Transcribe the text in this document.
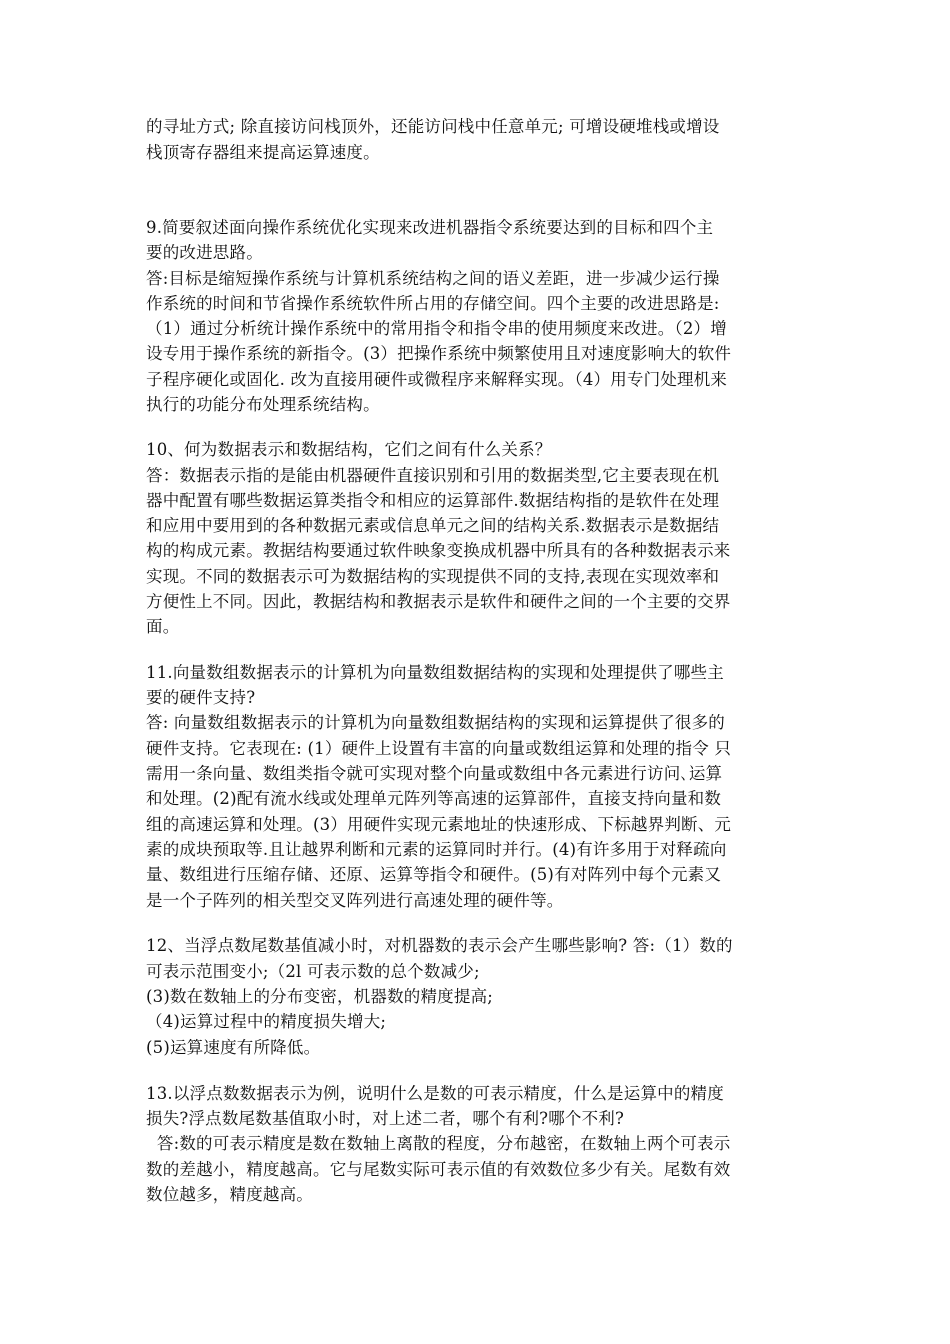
的寻址方式; 除直接访问栈顶外，还能访问栈中任意单元; 可增设硬堆栈或增设
栈顶寄存器组来提高运算速度。
9.简要叙述面向操作系统优化实现来改进机器指令系统要达到的目标和四个主
要的改进思路。
答:目标是缩短操作系统与计算机系统结构之间的语义差距，进一步减少运行操
作系统的时间和节省操作系统软件所占用的存储空间。四个主要的改进思路是:
（1）通过分析统计操作系统中的常用指令和指令串的使用频度来改进。（2）增
设专用于操作系统的新指令。(3）把操作系统中频繁使用且对速度影响大的软件
子程序硬化或固化. 改为直接用硬件或微程序来解释实现。（4）用专门处理机来
执行的功能分布处理系统结构。
10、何为数据表示和数据结构，它们之间有什么关系？
答：数据表示指的是能由机器硬件直接识别和引用的数据类型,它主要表现在机
器中配置有哪些数据运算类指令和相应的运算部件.数据结构指的是软件在处理
和应用中要用到的各种数据元素或信息单元之间的结构关系.数据表示是数据结
构的构成元素。教据结构要通过软件映象变换成机器中所具有的各种数据表示来
实现。不同的数据表示可为数据结构的实现提供不同的支持,表现在实现效率和
方便性上不同。因此，教据结构和教据表示是软件和硬件之间的一个主要的交界
面。
11.向量数组数据表示的计算机为向量数组数据结构的实现和处理提供了哪些主
要的硬件支持?
答: 向量数组数据表示的计算机为向量数组数据结构的实现和运算提供了很多的
硬件支持。它表现在: (1）硬件上设置有丰富的向量或数组运算和处理的指令 只
需用一条向量、数组类指令就可实现对整个向量或数组中各元素进行访问､运算
和处理。(2)配有流水线或处理单元阵列等高速的运算部件，直接支持向量和数
组的高速运算和处理。(3）用硬件实现元素地址的快速形成、下标越界判断、元
素的成块预取等.且让越界利断和元素的运算同时并行。(4)有许多用于对释疏向
量、数组进行压缩存储、还原、运算等指令和硬件。(5)有对阵列中每个元素又
是一个子阵列的相关型交叉阵列进行高速处理的硬件等。
12、当浮点数尾数基值减小时，对机器数的表示会产生哪些影响? 答:（1）数的
可表示范围变小;（2l 可表示数的总个数减少;
(3)数在数轴上的分布变密，机器数的精度提高;
（4)运算过程中的精度损失增大;
(5)运算速度有所降低。
13.以浮点数数据表示为例，说明什么是数的可表示精度，什么是运算中的精度
损失?浮点数尾数基值取小时，对上述二者，哪个有利?哪个不利?
答:数的可表示精度是数在数轴上离散的程度，分布越密，在数轴上两个可表示
数的差越小，精度越高。它与尾数实际可表示值的有效数位多少有关。尾数有效
数位越多，精度越高。
